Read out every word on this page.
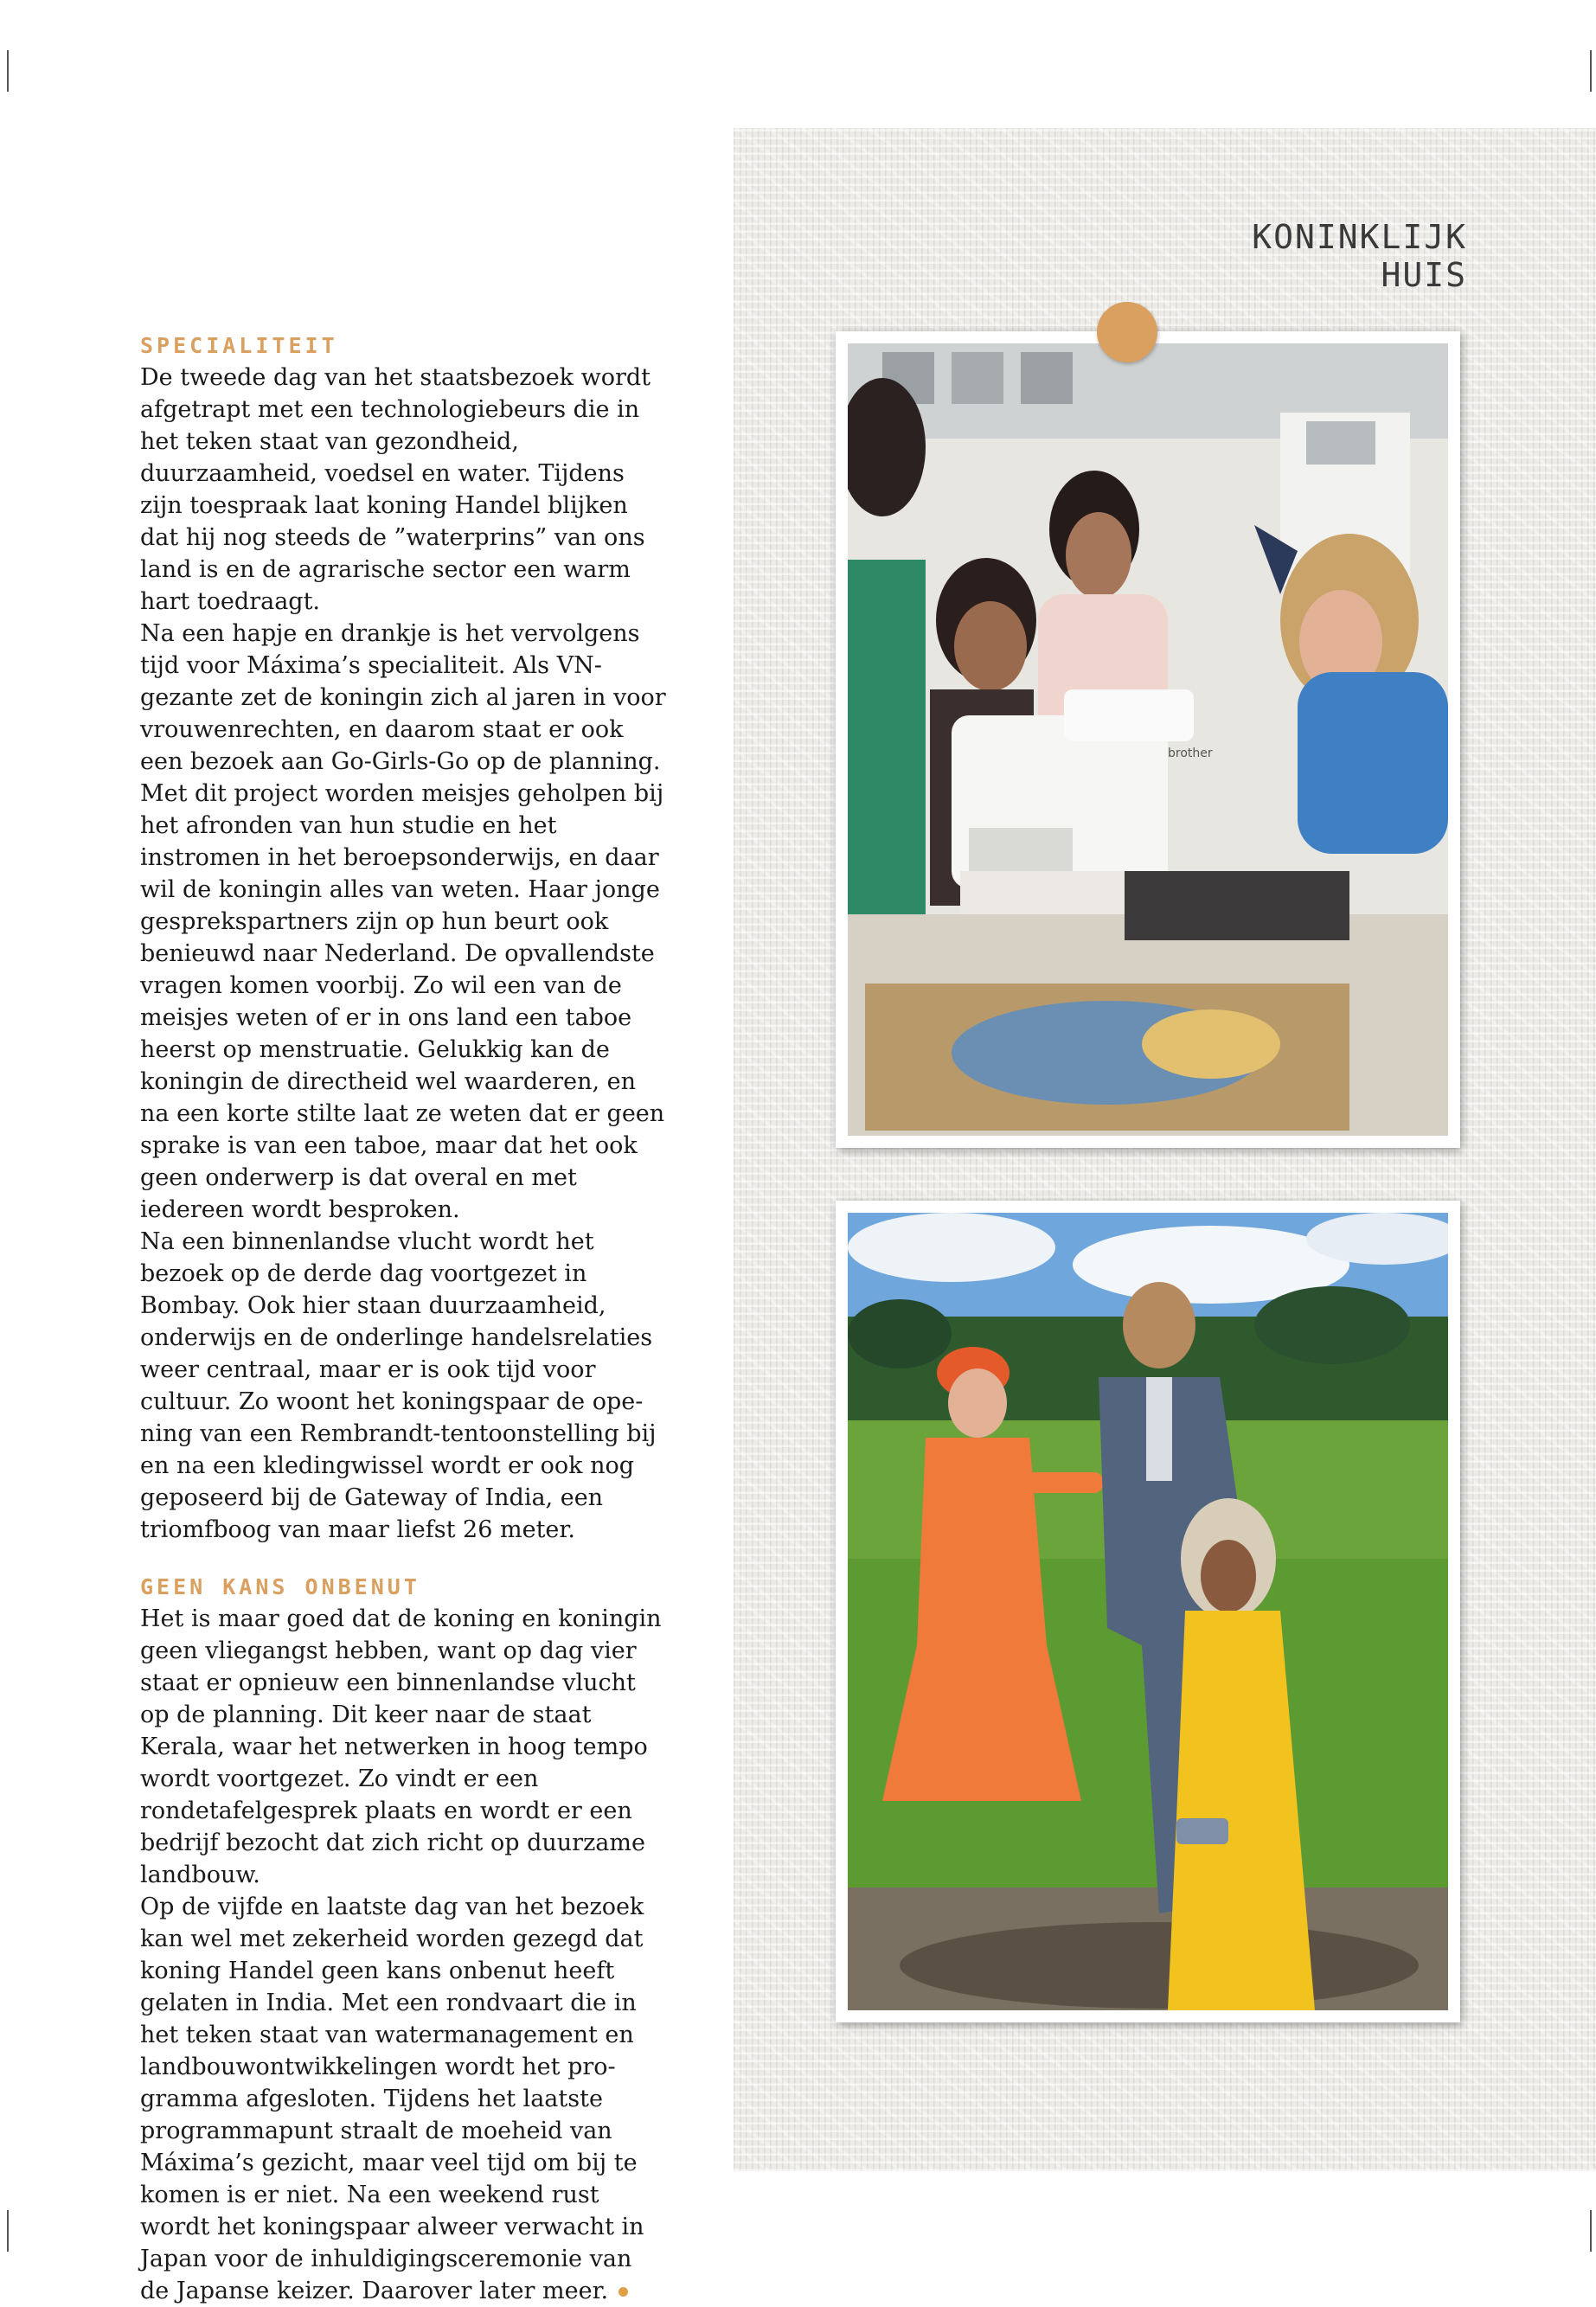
KONINKLIJK HUIS
SPECIALITEIT

De tweede dag van het staatsbezoek wordt afgetrapt met een technologiebeurs die in het teken staat van gezondheid, duurzaamheid, voedsel en water. Tijdens zijn toespraak laat koning Handel blijken dat hij nog steeds de ”waterprins” van ons land is en de agrarische sector een warm hart toedraagt.

Na een hapje en drankje is het vervolgens tijd voor Máxima’s specialiteit. Als VN-gezante zet de koningin zich al jaren in voor vrouwenrechten, en daarom staat er ook een bezoek aan Go-Girls-Go op de planning. Met dit project worden meisjes geholpen bij het afronden van hun studie en het instromen in het beroepsonderwijs, en daar wil de koningin alles van weten. Haar jonge gesprekspartners zijn op hun beurt ook benieuwd naar Nederland. De opvallendste vragen komen voorbij. Zo wil een van de meisjes weten of er in ons land een taboe heerst op menstruatie. Gelukkig kan de koningin de directheid wel waarderen, en na een korte stilte laat ze weten dat er geen sprake is van een taboe, maar dat het ook geen onderwerp is dat overal en met iedereen wordt besproken.

Na een binnenlandse vlucht wordt het bezoek op de derde dag voortgezet in Bombay. Ook hier staan duurzaamheid, onderwijs en de onderlinge handelsrelaties weer centraal, maar er is ook tijd voor cultuur. Zo woont het koningspaar de opening van een Rembrandt-tentoonstelling bij en na een kledingwissel wordt er ook nog geposeerd bij de Gateway of India, een triomfboog van maar liefst 26 meter.

GEEN KANS ONBENUT

Het is maar goed dat de koning en koningin geen vliegangst hebben, want op dag vier staat er opnieuw een binnenlandse vlucht op de planning. Dit keer naar de staat Kerala, waar het netwerken in hoog tempo wordt voortgezet. Zo vindt er een rondetafelgesprek plaats en wordt er een bedrijf bezocht dat zich richt op duurzame landbouw.

Op de vijfde en laatste dag van het bezoek kan wel met zekerheid worden gezegd dat koning Handel geen kans onbenut heeft gelaten in India. Met een rondvaart die in het teken staat van watermanagement en landbouwontwikkelingen wordt het programma afgesloten. Tijdens het laatste programmapunt straalt de moeheid van Máxima’s gezicht, maar veel tijd om bij te komen is er niet. Na een weekend rust wordt het koningspaar alweer verwacht in Japan voor de inhuldigingsceremonie van de Japanse keizer. Daarover later meer.

brother
